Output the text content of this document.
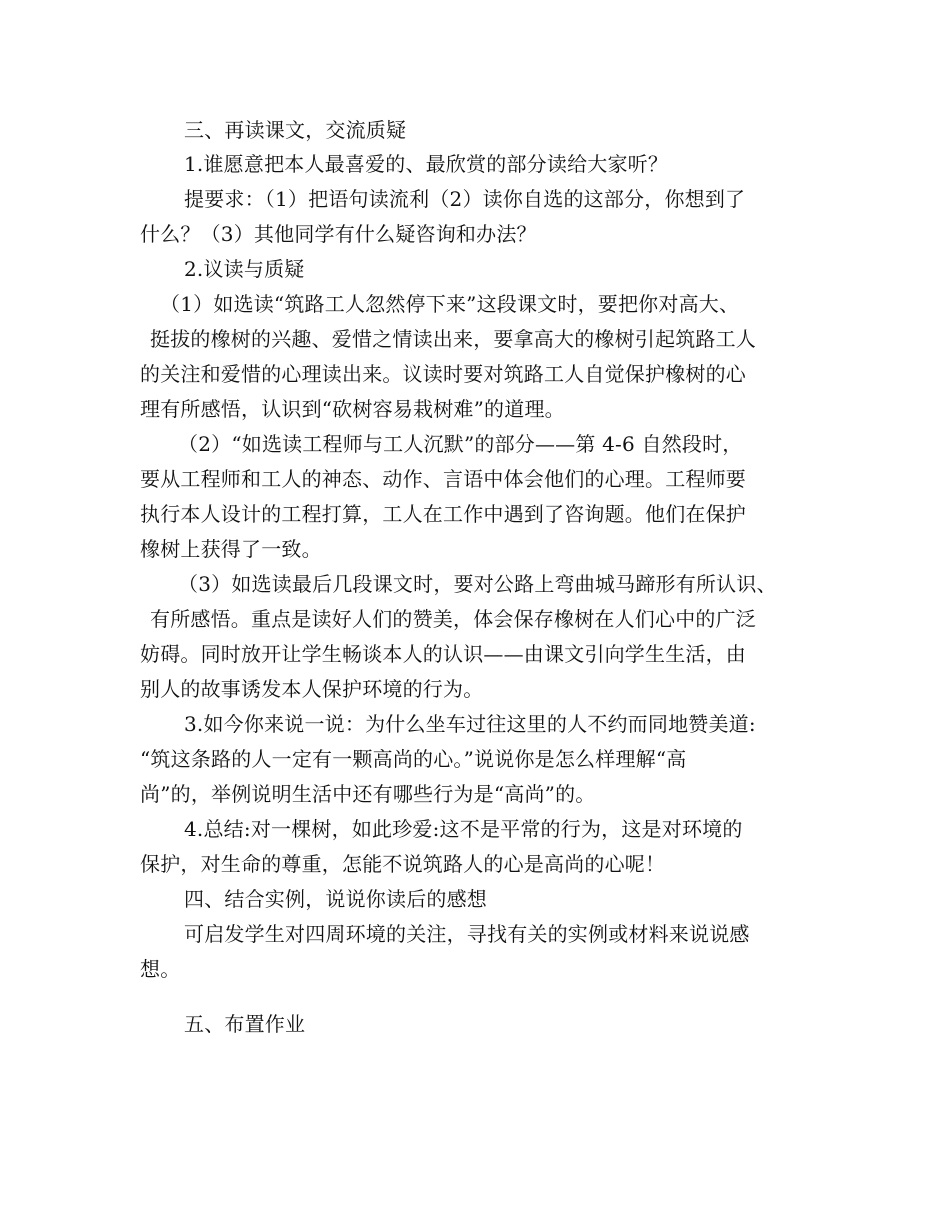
三、再读课文，交流质疑
1.谁愿意把本人最喜爱的、最欣赏的部分读给大家听？
提要求：（1）把语句读流利（2）读你自选的这部分，你想到了
什么？（3）其他同学有什么疑咨询和办法？
2.议读与质疑
（1）如选读“筑路工人忽然停下来”这段课文时，要把你对高大、
挺拔的橡树的兴趣、爱惜之情读出来，要拿高大的橡树引起筑路工人
的关注和爱惜的心理读出来。议读时要对筑路工人自觉保护橡树的心
理有所感悟，认识到“砍树容易栽树难”的道理。
（2）“如选读工程师与工人沉默”的部分——第 4-6 自然段时，
要从工程师和工人的神态、动作、言语中体会他们的心理。工程师要
执行本人设计的工程打算，工人在工作中遇到了咨询题。他们在保护
橡树上获得了一致。
（3）如选读最后几段课文时，要对公路上弯曲城马蹄形有所认识、
有所感悟。重点是读好人们的赞美，体会保存橡树在人们心中的广泛
妨碍。同时放开让学生畅谈本人的认识——由课文引向学生生活，由
别人的故事诱发本人保护环境的行为。
3.如今你来说一说：为什么坐车过往这里的人不约而同地赞美道:
“筑这条路的人一定有一颗高尚的心。”说说你是怎么样理解“高
尚”的，举例说明生活中还有哪些行为是“高尚”的。
4.总结:对一棵树，如此珍爱:这不是平常的行为，这是对环境的
保护，对生命的尊重，怎能不说筑路人的心是高尚的心呢！
四、结合实例，说说你读后的感想
可启发学生对四周环境的关注，寻找有关的实例或材料来说说感
想。
五、布置作业
